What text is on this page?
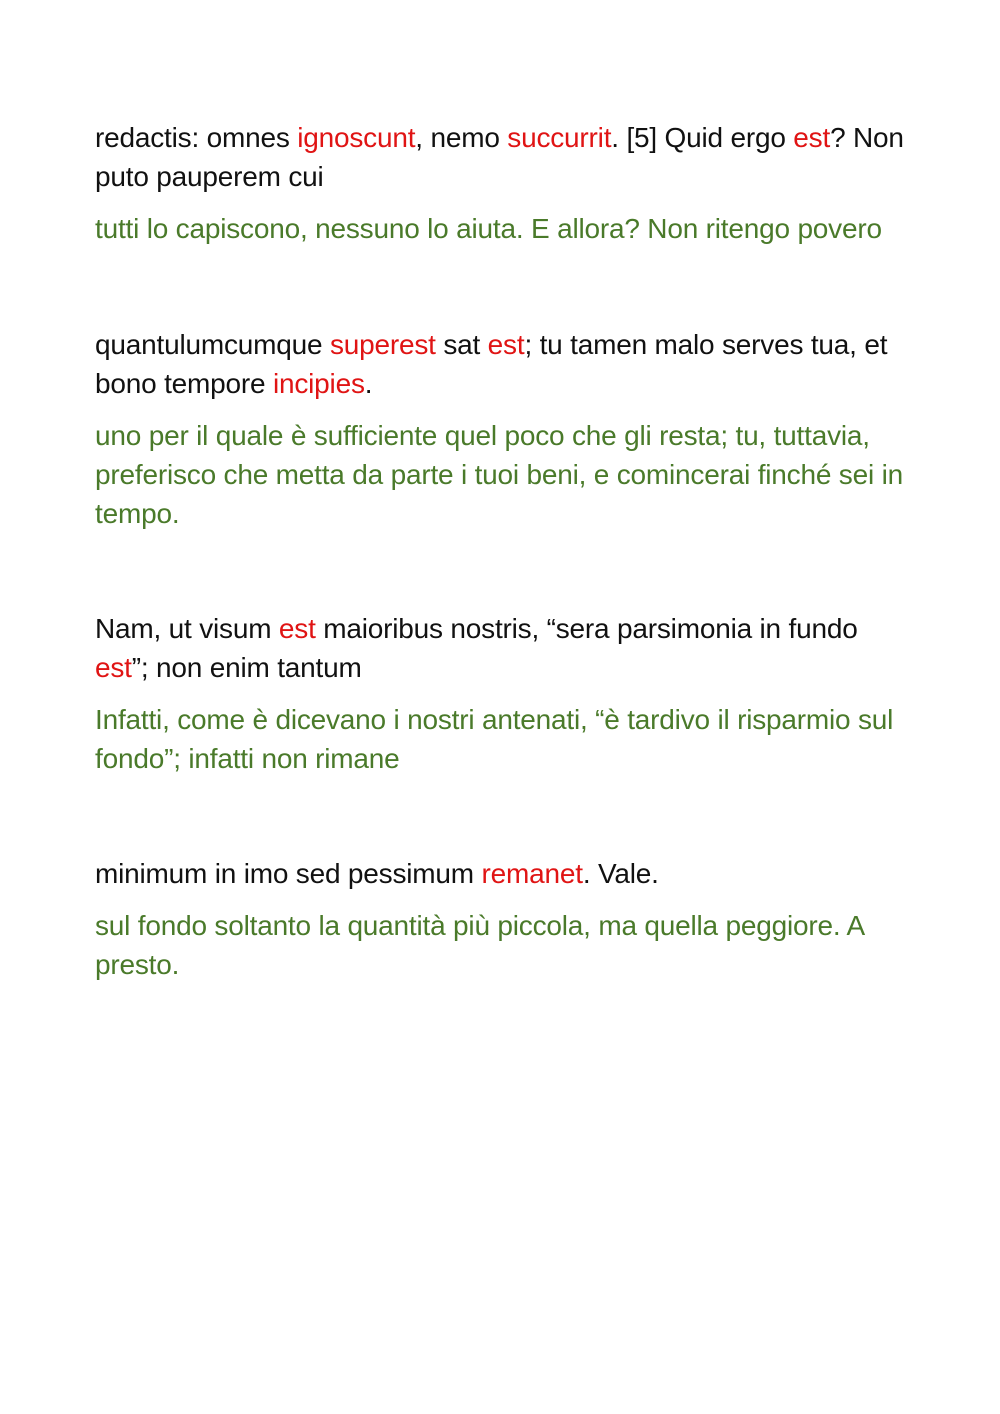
redactis: omnes ignoscunt, nemo succurrit. [5] Quid ergo est? Non puto pauperem cui

tutti lo capiscono, nessuno lo aiuta. E allora? Non ritengo povero

quantulumcumque superest sat est; tu tamen malo serves tua, et bono tempore incipies.

uno per il quale è sufficiente quel poco che gli resta; tu, tuttavia, preferisco che metta da parte i tuoi beni, e comincerai finché sei in tempo.

Nam, ut visum est maioribus nostris, “sera parsimonia in fundo est”; non enim tantum

Infatti, come è dicevano i nostri antenati, “è tardivo il risparmio sul fondo”; infatti non rimane

minimum in imo sed pessimum remanet. Vale.

sul fondo soltanto la quantità più piccola, ma quella peggiore. A presto.
